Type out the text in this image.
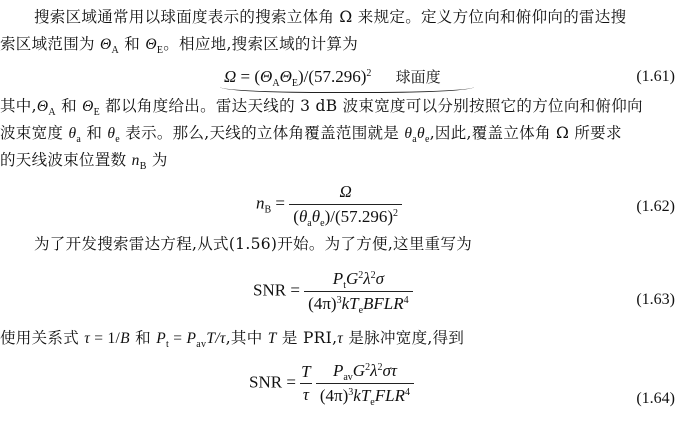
搜索区域通常用以球面度表示的搜索立体角 Ω 来规定。定义方位向和俯仰向的雷达搜
索区域范围为 $\Theta_A$ 和 $\Theta_E$。相应地,搜索区域的计算为
$\Omega = (\Theta_A\Theta_E)/(57.296)^2$ 球面度	(1.61)
其中$,\Theta_A$ 和 $\Theta_E$ 都以角度给出。雷达天线的 3 dB 波束宽度可以分别按照它的方位向和俯仰向
波束宽度 $\theta_a$ 和 $\theta_e$ 表示。那么,天线的立体角覆盖范围就是 $\theta_a\theta_e$,因此,覆盖立体角 Ω 所要求
的天线波束位置数 $n_B$ 为
$n_B = \frac{\Omega}{(\theta_a\theta_e)/(57.296)^2}$	(1.62)
为了开发搜索雷达方程,从式(1.56)开始。为了方便,这里重写为
SNR = $\frac{P_tG^2\lambda^2\sigma}{(4\pi)^3kT_eBFLR^4}$	(1.63)
使用关系式 τ = 1/B 和 $P_t = P_{av}T/\tau$,其中 T 是 PRI,τ 是脉冲宽度,得到
SNR = $\frac{T}{\tau}$
$\frac{P_{av}G^2\lambda^2\sigma\tau}{(4\pi)^3kT_eFLR^4}$	(1.64)
